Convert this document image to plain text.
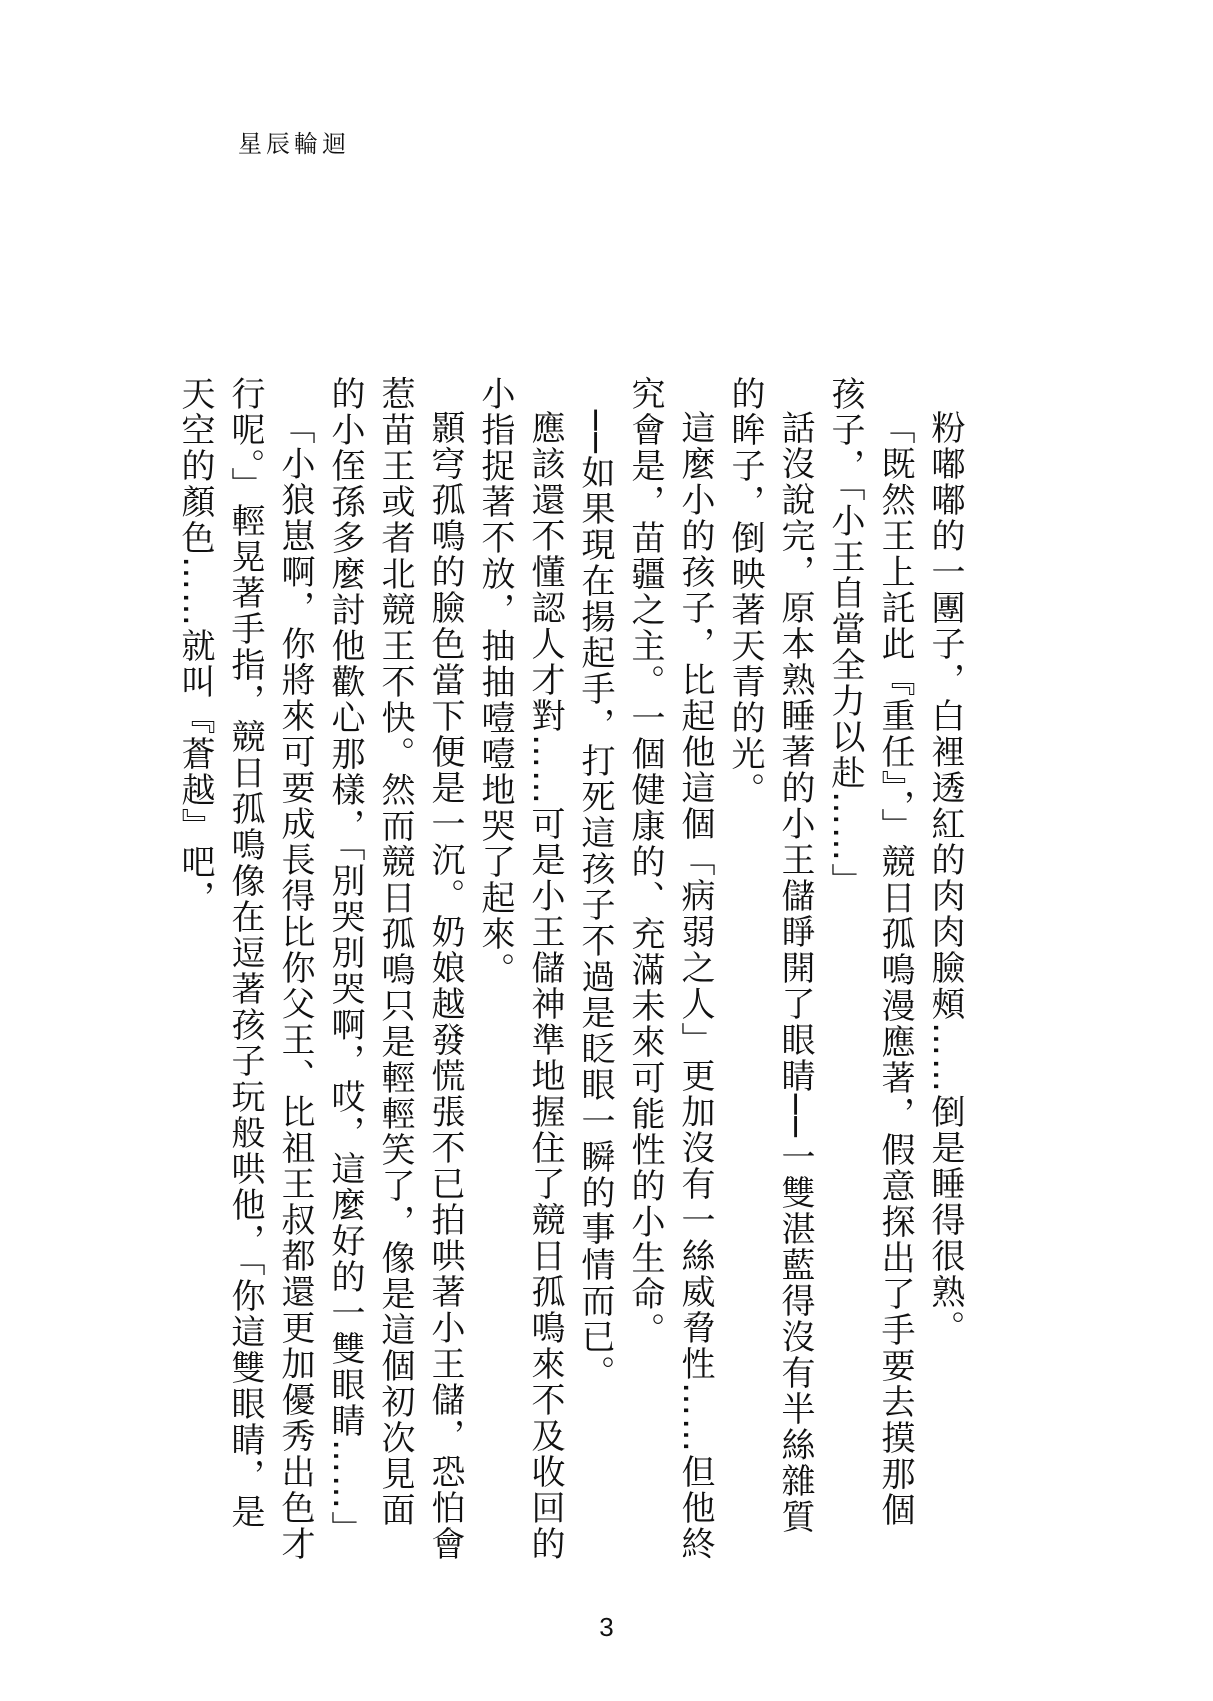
星辰輪迴

粉嘟嘟的一團子，白裡透紅的肉肉臉頰……倒是睡得很熟。

「既然王上託此『重任』，」競日孤鳴漫應著，假意探出了手要去摸那個孩子，「小王自當全力以赴……」

話沒說完，原本熟睡著的小王儲睜開了眼睛──一雙湛藍得沒有半絲雜質的眸子，倒映著天青的光。

這麼小的孩子，比起他這個「病弱之人」更加沒有一絲威脅性……但他終究會是，苗疆之主。一個健康的、充滿未來可能性的小生命。

──如果現在揚起手，打死這孩子不過是眨眼一瞬的事情而已。

應該還不懂認人才對……可是小王儲神準地握住了競日孤鳴來不及收回的小指捉著不放，抽抽噎噎地哭了起來。

顥穹孤鳴的臉色當下便是一沉。奶娘越發慌張不已拍哄著小王儲，恐怕會惹苗王或者北競王不快。然而競日孤鳴只是輕輕笑了，像是這個初次見面的小侄孫多麼討他歡心那樣，「別哭別哭啊，哎，這麼好的一雙眼睛……」

「小狼崽啊，你將來可要成長得比你父王、比祖王叔都還更加優秀出色才行呢。」輕晃著手指，競日孤鳴像在逗著孩子玩般哄他，「你這雙眼睛，是天空的顏色……就叫『蒼越』吧，

3
